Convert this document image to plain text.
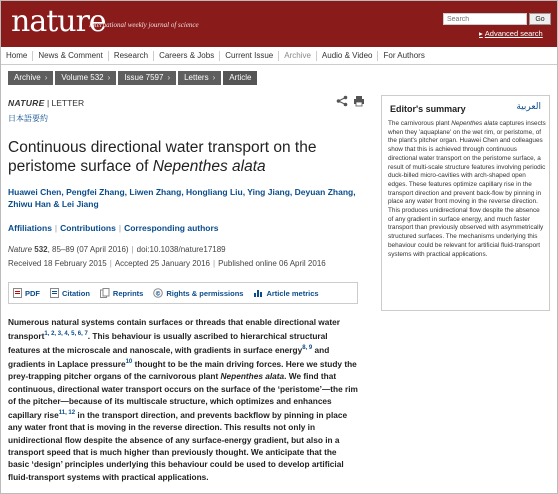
nature
International weekly journal of science
Search
Go
▸ Advanced search
Home	News & Comment	Research	Careers & Jobs	Current Issue	Archive	Audio & Video	For Authors
Archive ›	Volume 532 ›	Issue 7597 ›	Letters ›	Article
NATURE | LETTER
日本語要約
Continuous directional water transport on the peristome surface of Nepenthes alata
Huawei Chen, Pengfei Zhang, Liwen Zhang, Hongliang Liu, Ying Jiang, Deyuan Zhang, Zhiwu Han & Lei Jiang
Affiliations | Contributions | Corresponding authors
Nature 532, 85–89 (07 April 2016) | doi:10.1038/nature17189
Received 18 February 2015 | Accepted 25 January 2016 | Published online 06 April 2016
PDF	Citation	Reprints © Rights & permissions	Article metrics
Numerous natural systems contain surfaces or threads that enable directional water transport$^{1, 2, 3, 4, 5, 6, 7}$. This behaviour is usually ascribed to hierarchical structural features at the microscale and nanoscale, with gradients in surface energy$^{8, 9}$ and gradients in Laplace pressure$^{10}$ thought to be the main driving forces. Here we study the prey-trapping pitcher organs of the carnivorous plant Nepenthes alata. We find that continuous, directional water transport occurs on the surface of the ‘peristome’—the rim of the pitcher—because of its multiscale structure, which optimizes and enhances capillary rise$^{11, 12}$ in the transport direction, and prevents backflow by pinning in place any water front that is moving in the reverse direction. This results not only in unidirectional flow despite the absence of any surface-energy gradient, but also in a transport speed that is much higher than previously thought. We anticipate that the basic ‘design’ principles underlying this behaviour could be used to develop artificial fluid-transport systems with practical applications.
Editor's summary	العربية
The carnivorous plant Nepenthes alata captures insects when they 'aquaplane' on the wet rim, or peristome, of the plant's pitcher organ. Huawei Chen and colleagues show that this is achieved through continuous directional water transport on the peristome surface, a result of multi-scale structure features involving periodic duck-billed micro-cavities with arch-shaped open edges. These features optimize capillary rise in the transport direction and prevent back-flow by pinning in place any water front moving in the reverse direction. This produces unidirectional flow despite the absence of any gradient in surface energy, and much faster transport than previously observed with asymmetrically structured surfaces. The mechanisms underlying this behaviour could be relevant for artificial fluid-transport systems with practical applications.
